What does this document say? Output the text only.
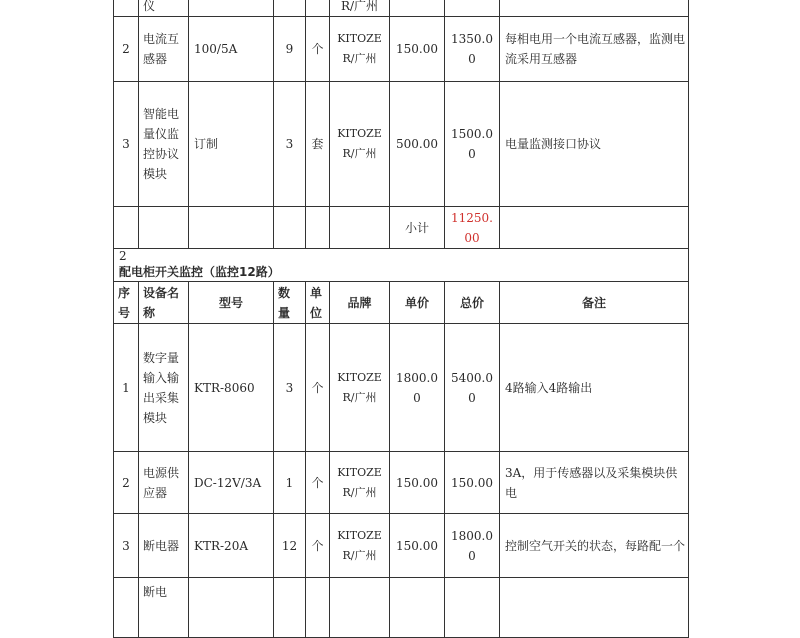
	仪				R/广州			
2	电流互感器	100/5A	9	个	KITOZER/广州	150.00	1350.00	每相电用一个电流互感器，监测电流采用互感器
3	智能电量仪监控协议模块	订制	3	套	KITOZER/广州	500.00	1500.00	电量监测接口协议
						小计	11250.00	

2
配电柜开关监控（监控12路）								

序号	设备名称	型号	数量	单位	品牌	单价	总价	备注
1	数字量输入输出采集模块	KTR-8060	3	个	KITOZER/广州	1800.00	5400.00	4路输入4路输出
2	电源供应器	DC-12V/3A	1	个	KITOZER/广州	150.00	150.00	3A，用于传感器以及采集模块供电
3	断电器	KTR-20A	12	个	KITOZER/广州	150.00	1800.00	控制空气开关的状态，每路配一个
	断电							
